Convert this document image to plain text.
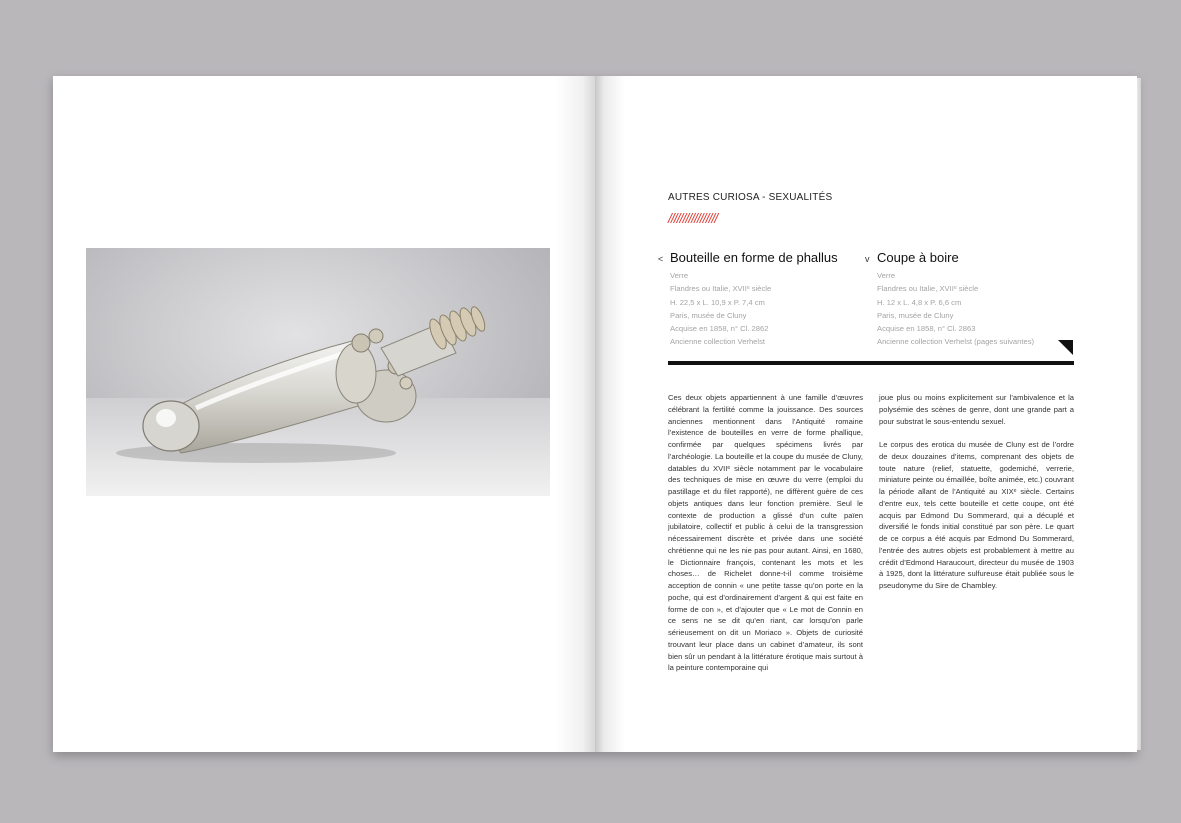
AUTRES CURIOSA - SEXUALITÉS
/////////////////
< Bouteille en forme de phallus
Verre
Flandres ou Italie, XVIIᵉ siècle
H. 22,5 x L. 10,9 x P. 7,4 cm
Paris, musée de Cluny
Acquise en 1858, n° Cl. 2862
Ancienne collection Verhelst
v Coupe à boire
Verre
Flandres ou Italie, XVIIᵉ siècle
H. 12 x L. 4,8 x P. 6,6 cm
Paris, musée de Cluny
Acquise en 1858, n° Cl. 2863
Ancienne collection Verhelst (pages suivantes)

Ces deux objets appartiennent à une famille d’œuvres célébrant la fertilité comme la jouissance. Des sources anciennes mentionnent dans l’Antiquité romaine l’existence de bouteilles en verre de forme phallique, confirmée par quelques spécimens livrés par l’archéologie. La bouteille et la coupe du musée de Cluny, datables du XVIIᵉ siècle notamment par le vocabulaire des techniques de mise en œuvre du verre (emploi du pastillage et du filet rapporté), ne diffèrent guère de ces objets antiques dans leur fonction première. Seul le contexte de production a glissé d’un culte païen jubilatoire, collectif et public à celui de la transgression nécessairement discrète et privée dans une société chrétienne qui ne les nie pas pour autant. Ainsi, en 1680, le Dictionnaire françois, contenant les mots et les choses… de Richelet donne-t-il comme troisième acception de connin « une petite tasse qu’on porte en la poche, qui est d’ordinairement d’argent & qui est faite en forme de con », et d’ajouter que « Le mot de Connin en ce sens ne se dit qu’en riant, car lorsqu’on parle sérieusement on dit un Moriaco ». Objets de curiosité trouvant leur place dans un cabinet d’amateur, ils sont bien sûr un pendant à la littérature érotique mais surtout à la peinture contemporaine qui

joue plus ou moins explicitement sur l’ambivalence et la polysémie des scènes de genre, dont une grande part a pour substrat le sous-entendu sexuel.

Le corpus des erotica du musée de Cluny est de l’ordre de deux douzaines d’items, comprenant des objets de toute nature (relief, statuette, godemiché, verrerie, miniature peinte ou émaillée, boîte animée, etc.) couvrant la période allant de l’Antiquité au XIXᵉ siècle. Certains d’entre eux, tels cette bouteille et cette coupe, ont été acquis par Edmond Du Sommerard, qui a décuplé et diversifié le fonds initial constitué par son père. Le quart de ce corpus a été acquis par Edmond Du Sommerard, l’entrée des autres objets est probablement à mettre au crédit d’Edmond Haraucourt, directeur du musée de 1903 à 1925, dont la littérature sulfureuse était publiée sous le pseudonyme du Sire de Chambley.
